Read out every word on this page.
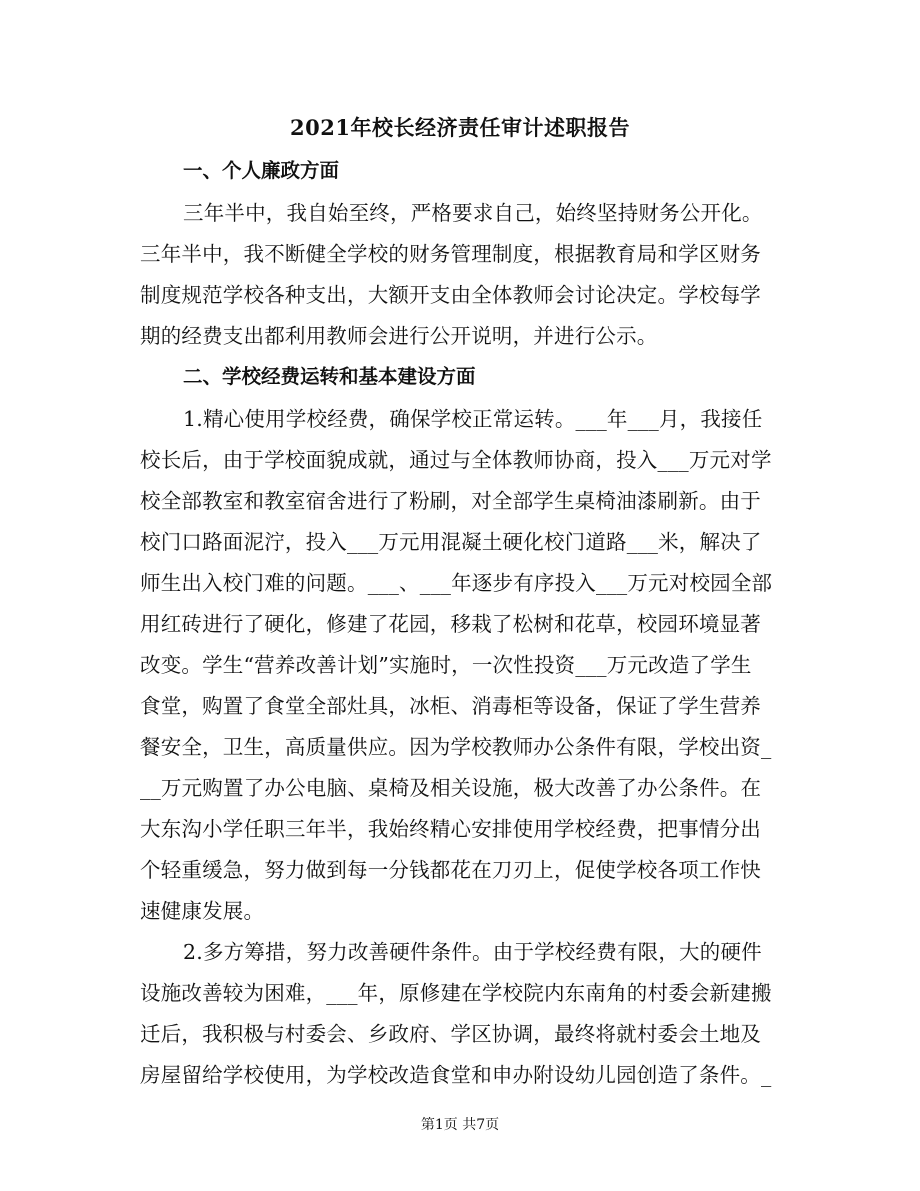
2021年校长经济责任审计述职报告
一、个人廉政方面
三年半中，我自始至终，严格要求自己，始终坚持财务公开化。
三年半中，我不断健全学校的财务管理制度，根据教育局和学区财务
制度规范学校各种支出，大额开支由全体教师会讨论决定。学校每学
期的经费支出都利用教师会进行公开说明，并进行公示。
二、学校经费运转和基本建设方面
1.精心使用学校经费，确保学校正常运转。___年___月，我接任
校长后，由于学校面貌成就，通过与全体教师协商，投入___万元对学
校全部教室和教室宿舍进行了粉刷，对全部学生桌椅油漆刷新。由于
校门口路面泥泞，投入___万元用混凝土硬化校门道路___米，解决了
师生出入校门难的问题。___、___年逐步有序投入___万元对校园全部
用红砖进行了硬化，修建了花园，移栽了松树和花草，校园环境显著
改变。学生“营养改善计划”实施时，一次性投资___万元改造了学生
食堂，购置了食堂全部灶具，冰柜、消毒柜等设备，保证了学生营养
餐安全，卫生，高质量供应。因为学校教师办公条件有限，学校出资_
__万元购置了办公电脑、桌椅及相关设施，极大改善了办公条件。在
大东沟小学任职三年半，我始终精心安排使用学校经费，把事情分出
个轻重缓急，努力做到每一分钱都花在刀刃上，促使学校各项工作快
速健康发展。
2.多方筹措，努力改善硬件条件。由于学校经费有限，大的硬件
设施改善较为困难，___年，原修建在学校院内东南角的村委会新建搬
迁后，我积极与村委会、乡政府、学区协调，最终将就村委会土地及
房屋留给学校使用，为学校改造食堂和申办附设幼儿园创造了条件。_
第1页 共7页
